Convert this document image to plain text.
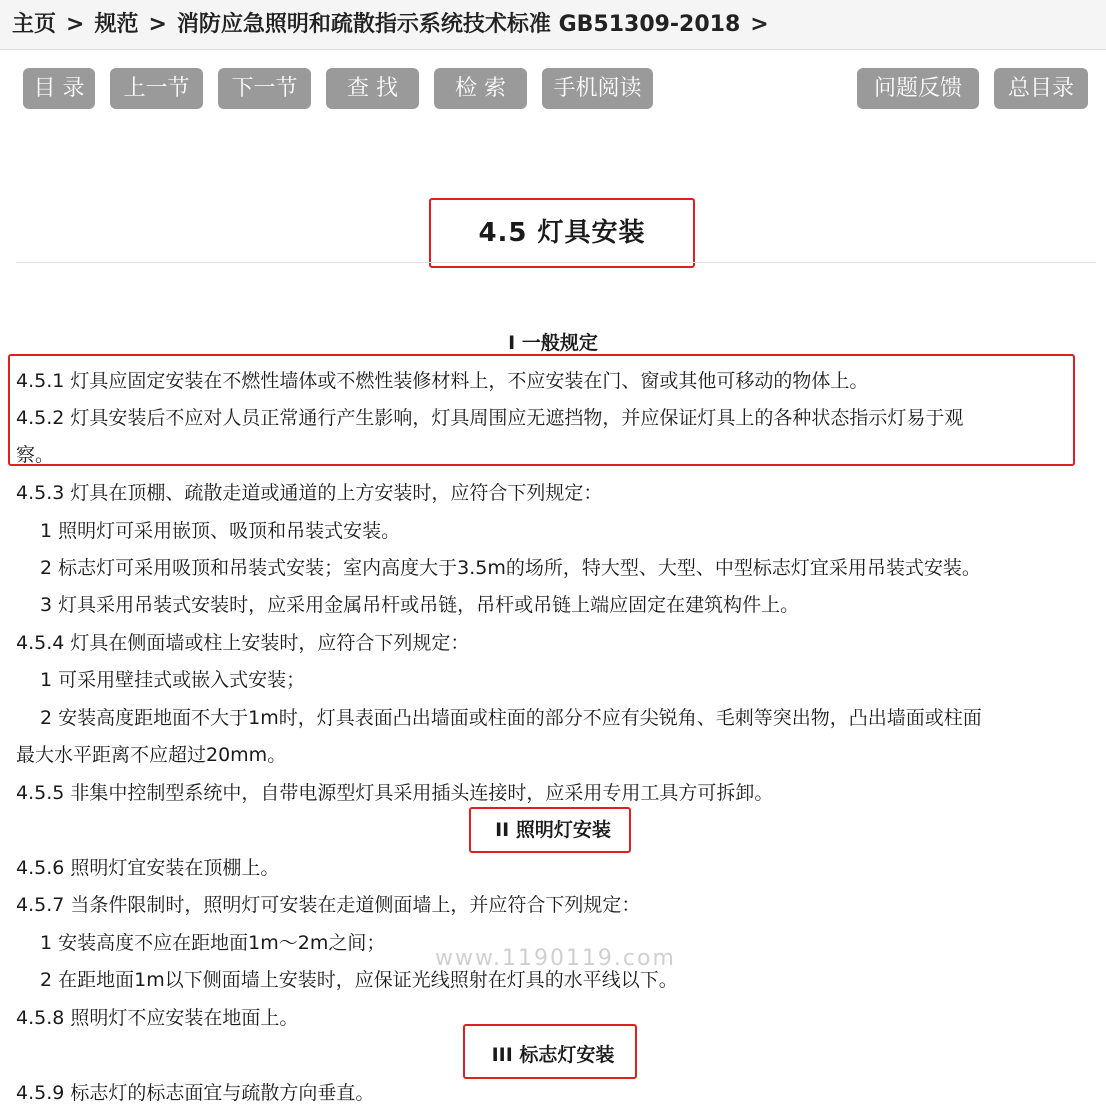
主页 > 规范 > 消防应急照明和疏散指示系统技术标准 GB51309-2018 >
目 录	上一节	下一节	查 找	检 索	手机阅读	问题反馈	总目录
4.5 灯具安装
I 一般规定
4.5.1 灯具应固定安装在不燃性墙体或不燃性装修材料上，不应安装在门、窗或其他可移动的物体上。
4.5.2 灯具安装后不应对人员正常通行产生影响，灯具周围应无遮挡物，并应保证灯具上的各种状态指示灯易于观
察。
4.5.3 灯具在顶棚、疏散走道或通道的上方安装时，应符合下列规定：
1 照明灯可采用嵌顶、吸顶和吊装式安装。
2 标志灯可采用吸顶和吊装式安装；室内高度大于3.5m的场所，特大型、大型、中型标志灯宜采用吊装式安装。
3 灯具采用吊装式安装时，应采用金属吊杆或吊链，吊杆或吊链上端应固定在建筑构件上。
4.5.4 灯具在侧面墙或柱上安装时，应符合下列规定：
1 可采用壁挂式或嵌入式安装；
2 安装高度距地面不大于1m时，灯具表面凸出墙面或柱面的部分不应有尖锐角、毛刺等突出物，凸出墙面或柱面
最大水平距离不应超过20mm。
4.5.5 非集中控制型系统中，自带电源型灯具采用插头连接时，应采用专用工具方可拆卸。
II 照明灯安装
4.5.6 照明灯宜安装在顶棚上。
4.5.7 当条件限制时，照明灯可安装在走道侧面墙上，并应符合下列规定：
1 安装高度不应在距地面1m～2m之间；
www.1190119.com
2 在距地面1m以下侧面墙上安装时，应保证光线照射在灯具的水平线以下。
4.5.8 照明灯不应安装在地面上。
III 标志灯安装
4.5.9 标志灯的标志面宜与疏散方向垂直。
